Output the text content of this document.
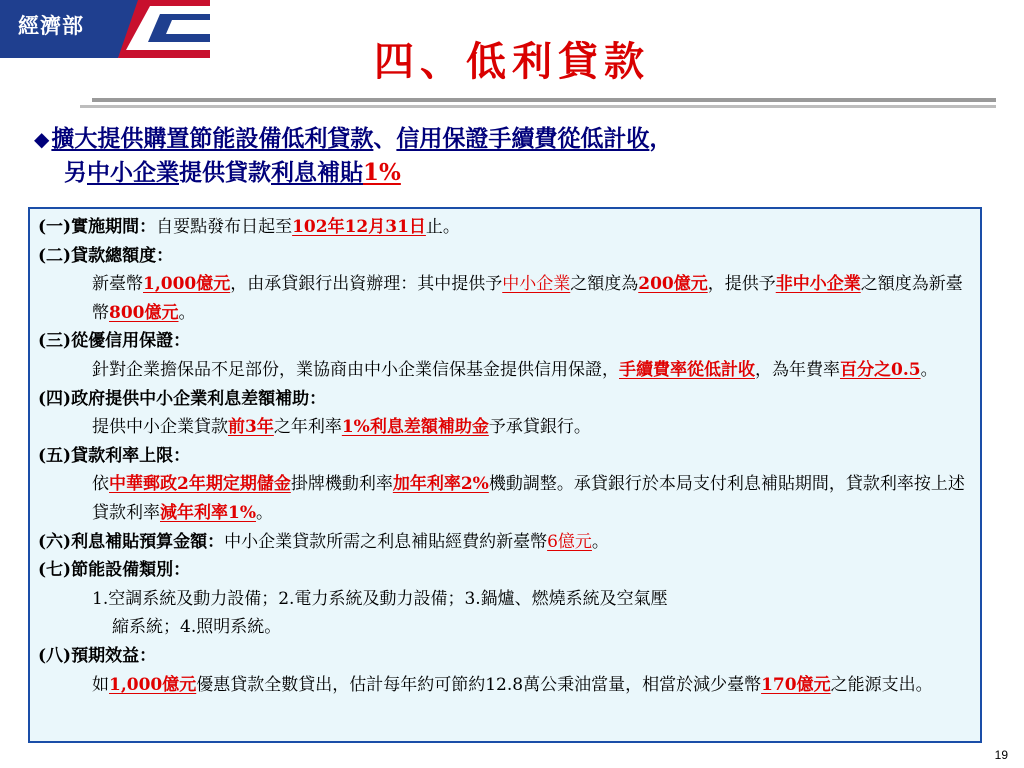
經濟部
四、低利貸款
◆擴大提供購置節能設備低利貸款、信用保證手續費從低計收，
另中小企業提供貸款利息補貼1%
(一)實施期間：自要點發布日起至102年12月31日止。
(二)貸款總額度：
新臺幣1,000億元，由承貸銀行出資辦理：其中提供予中小企業之額度為200億元，提供予非中小企業之額度為新臺幣800億元。
(三)從優信用保證：
針對企業擔保品不足部份，業協商由中小企業信保基金提供信用保證，手續費率從低計收，為年費率百分之0.5。
(四)政府提供中小企業利息差額補助：
提供中小企業貸款前3年之年利率1%利息差額補助金予承貸銀行。
(五)貸款利率上限：
依中華郵政2年期定期儲金掛牌機動利率加年利率2%機動調整。承貸銀行於本局支付利息補貼期間，貸款利率按上述貸款利率減年利率1%。
(六)利息補貼預算金額：中小企業貸款所需之利息補貼經費約新臺幣6億元。
(七)節能設備類別：
1.空調系統及動力設備；2.電力系統及動力設備；3.鍋爐、燃燒系統及空氣壓
縮系統；4.照明系統。
(八)預期效益：
如1,000億元優惠貸款全數貸出，估計每年約可節約12.8萬公秉油當量，相當於減少臺幣170億元之能源支出。
19
